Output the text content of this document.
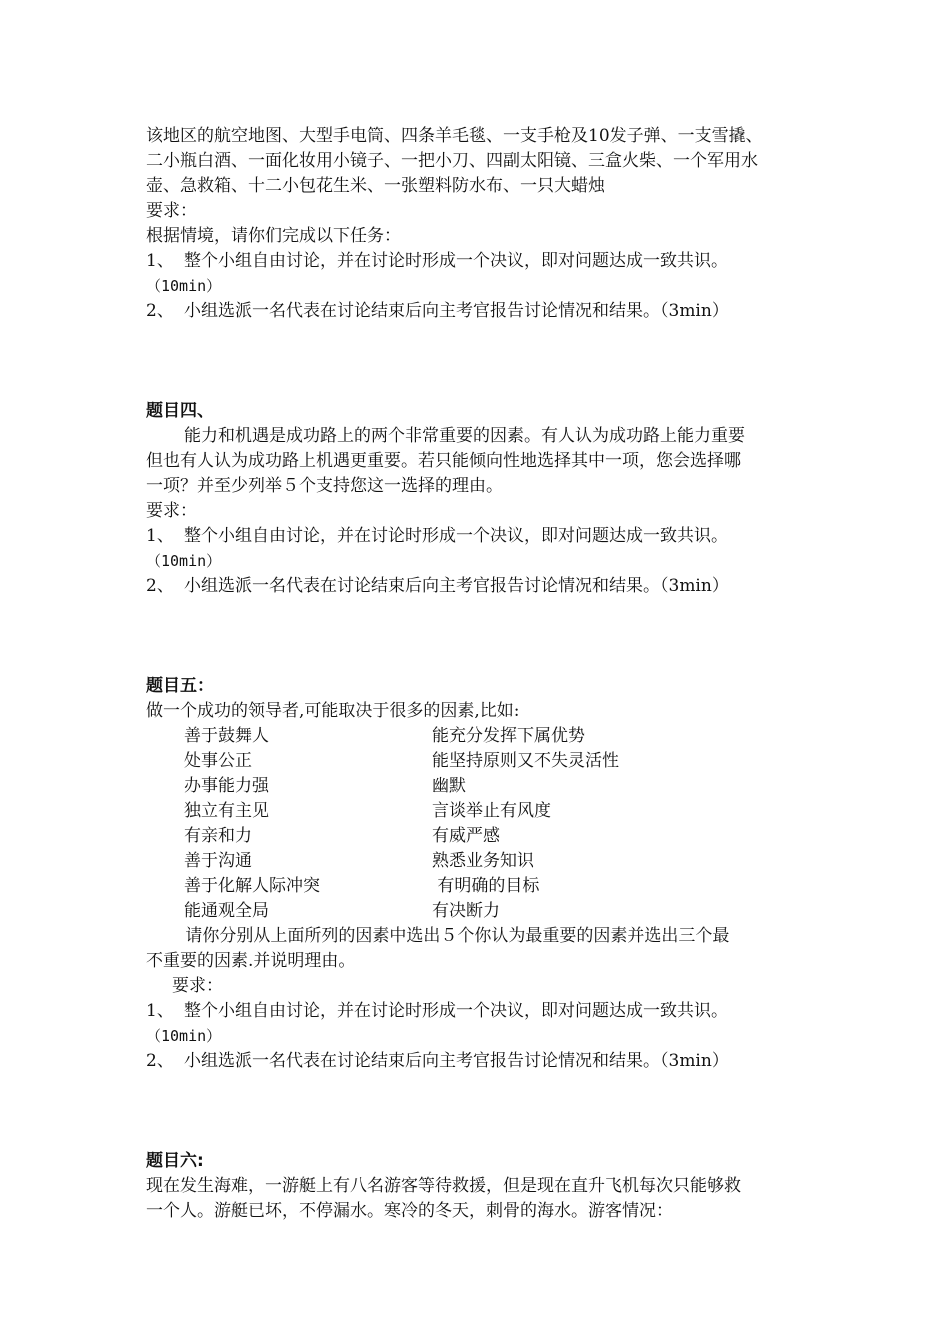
该地区的航空地图、大型手电筒、四条羊毛毯、一支手枪及10发子弹、一支雪撬、
二小瓶白酒、一面化妆用小镜子、一把小刀、四副太阳镜、三盒火柴、一个军用水
壶、急救箱、十二小包花生米、一张塑料防水布、一只大蜡烛
要求：
根据情境，请你们完成以下任务：
1、 整个小组自由讨论，并在讨论时形成一个决议，即对问题达成一致共识。
（10min）
2、 小组选派一名代表在讨论结束后向主考官报告讨论情况和结果。（3min）
题目四、
能力和机遇是成功路上的两个非常重要的因素。有人认为成功路上能力重要
但也有人认为成功路上机遇更重要。若只能倾向性地选择其中一项，您会选择哪
一项？并至少列举５个支持您这一选择的理由。
要求：
1、 整个小组自由讨论，并在讨论时形成一个决议，即对问题达成一致共识。
（10min）
2、 小组选派一名代表在讨论结束后向主考官报告讨论情况和结果。（3min）
题目五：
做一个成功的领导者,可能取决于很多的因素,比如:
善于鼓舞人	能充分发挥下属优势
处事公正	能坚持原则又不失灵活性
办事能力强	幽默
独立有主见	言谈举止有风度
有亲和力	有威严感
善于沟通	熟悉业务知识
善于化解人际冲突	有明确的目标
能通观全局	有决断力
请你分别从上面所列的因素中选出５个你认为最重要的因素并选出三个最
不重要的因素.并说明理由。
要求：
1、 整个小组自由讨论，并在讨论时形成一个决议，即对问题达成一致共识。
（10min）
2、 小组选派一名代表在讨论结束后向主考官报告讨论情况和结果。（3min）
题目六:
现在发生海难，一游艇上有八名游客等待救援，但是现在直升飞机每次只能够救
一个人。游艇已坏，不停漏水。寒冷的冬天，刺骨的海水。游客情况：
